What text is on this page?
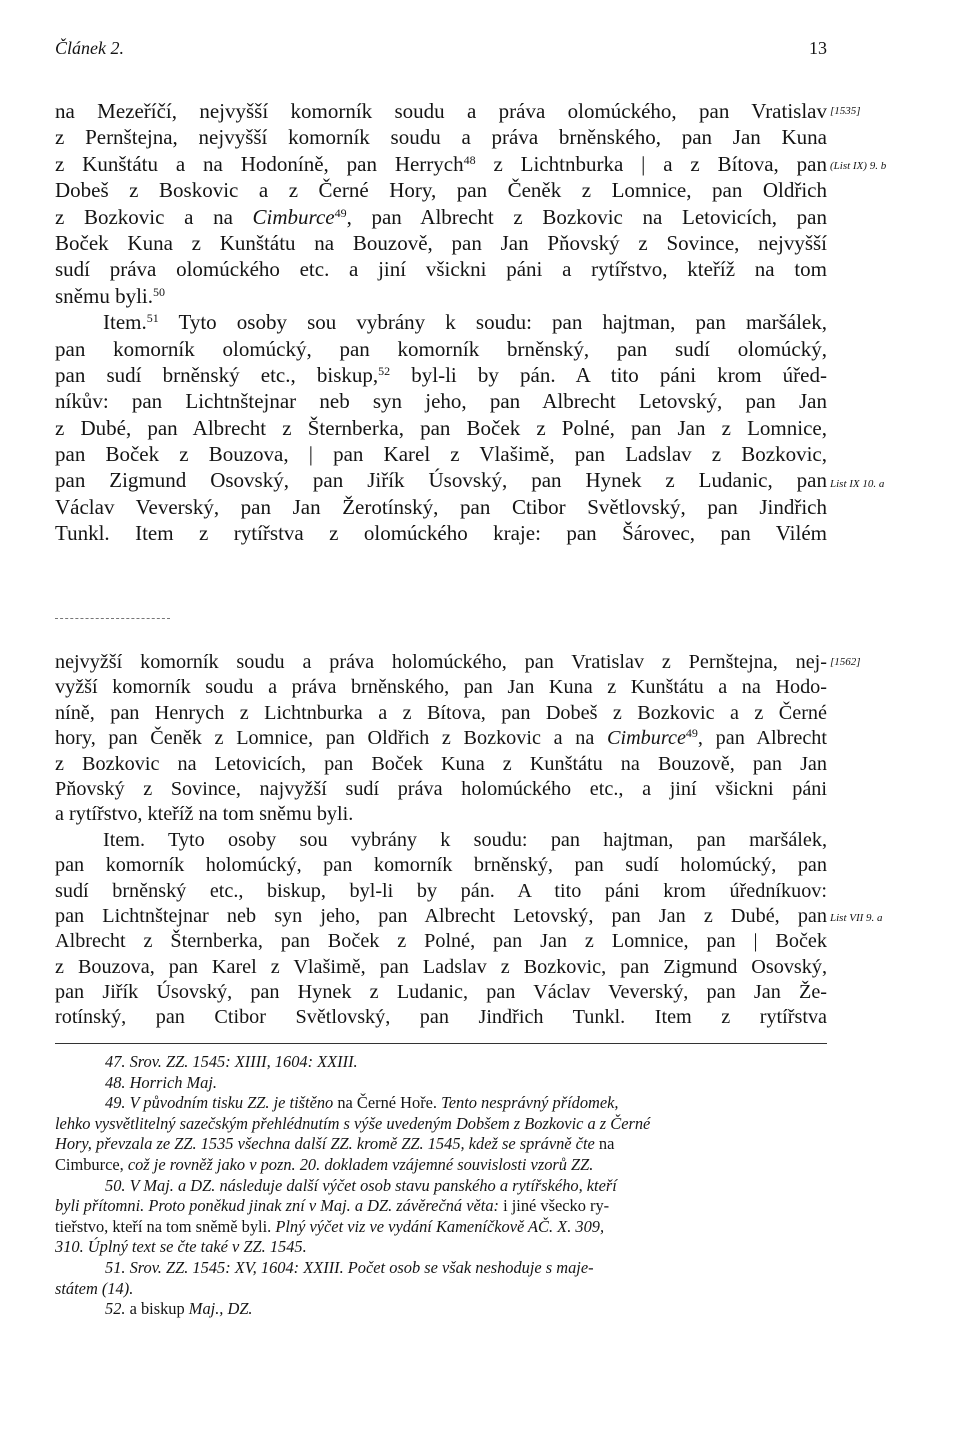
Článek 2.	13
[1535]
(List IX) 9. b
List IX 10. a
[1562]
List VII 9. a
na Mezeříčí, nejvyšší komorník soudu a práva olomúckého, pan Vratislav
z Pernštejna, nejvyšší komorník soudu a práva brněnského, pan Jan Kuna
z Kunštátu a na Hodoníně, pan Herrych$^{48}$ z Lichtnburka | a z Bítova, pan
Dobeš z Boskovic a z Černé Hory, pan Čeněk z Lomnice, pan Oldřich
z Bozkovic a na Cimburce$^{49}$, pan Albrecht z Bozkovic na Letovicích, pan
Boček Kuna z Kunštátu na Bouzově, pan Jan Pňovský z Sovince, nejvyšší
sudí práva olomúckého etc. a jiní všickni páni a rytířstvo, kteříž na tom
sněmu byli.$^{50}$
Item.$^{51}$ Tyto osoby sou vybrány k soudu: pan hajtman, pan maršálek,
pan komorník olomúcký, pan komorník brněnský, pan sudí olomúcký,
pan sudí brněnský etc., biskup,$^{52}$ byl-li by pán. A tito páni krom úřed-
níkův: pan Lichtnštejnar neb syn jeho, pan Albrecht Letovský, pan Jan
z Dubé, pan Albrecht z Šternberka, pan Boček z Polné, pan Jan z Lomnice,
pan Boček z Bouzova, | pan Karel z Vlašimě, pan Ladslav z Bozkovic,
pan Zigmund Osovský, pan Jiřík Úsovský, pan Hynek z Ludanic, pan
Václav Veverský, pan Jan Žerotínský, pan Ctibor Světlovský, pan Jindřich
Tunkl. Item z rytířstva z olomúckého kraje: pan Šárovec, pan Vilém
nejvyžší komorník soudu a práva holomúckého, pan Vratislav z Pernštejna, nej-
vyžší komorník soudu a práva brněnského, pan Jan Kuna z Kunštátu a na Hodo-
níně, pan Henrych z Lichtnburka a z Bítova, pan Dobeš z Bozkovic a z Černé
hory, pan Čeněk z Lomnice, pan Oldřich z Bozkovic a na Cimburce$^{49}$, pan Albrecht
z Bozkovic na Letovicích, pan Boček Kuna z Kunštátu na Bouzově, pan Jan
Pňovský z Sovince, najvyžší sudí práva holomúckého etc., a jiní všickni páni
a rytířstvo, kteříž na tom sněmu byli.
Item. Tyto osoby sou vybrány k soudu: pan hajtman, pan maršálek,
pan komorník holomúcký, pan komorník brněnský, pan sudí holomúcký, pan
sudí brněnský etc., biskup, byl-li by pán. A tito páni krom úředníkuov:
pan Lichtnštejnar neb syn jeho, pan Albrecht Letovský, pan Jan z Dubé, pan
Albrecht z Šternberka, pan Boček z Polné, pan Jan z Lomnice, pan | Boček
z Bouzova, pan Karel z Vlašimě, pan Ladslav z Bozkovic, pan Zigmund Osovský,
pan Jiřík Úsovský, pan Hynek z Ludanic, pan Václav Veverský, pan Jan Že-
rotínský, pan Ctibor Světlovský, pan Jindřich Tunkl. Item z rytířstva
47. Srov. ZZ. 1545: XIIII, 1604: XXIII.
48. Horrich Maj.
49. V původním tisku ZZ. je tištěno na Černé Hoře. Tento nesprávný přídomek,
lehko vysvětlitelný sazečským přehlédnutím s výše uvedeným Dobšem z Bozkovic a z Černé
Hory, převzala ze ZZ. 1535 všechna další ZZ. kromě ZZ. 1545, kdež se správně čte na
Cimburce, což je rovněž jako v pozn. 20. dokladem vzájemné souvislosti vzorů ZZ.
50. V Maj. a DZ. následuje další výčet osob stavu panského a rytířského, kteří
byli přítomni. Proto poněkud jinak zní v Maj. a DZ. závěrečná věta: i jiné všecko ry-
tieřstvo, kteří na tom sněmě byli. Plný výčet viz ve vydání Kameníčkově AČ. X. 309,
310. Úplný text se čte také v ZZ. 1545.
51. Srov. ZZ. 1545: XV, 1604: XXIII. Počet osob se však neshoduje s maje-
státem (14).
52. a biskup Maj., DZ.
